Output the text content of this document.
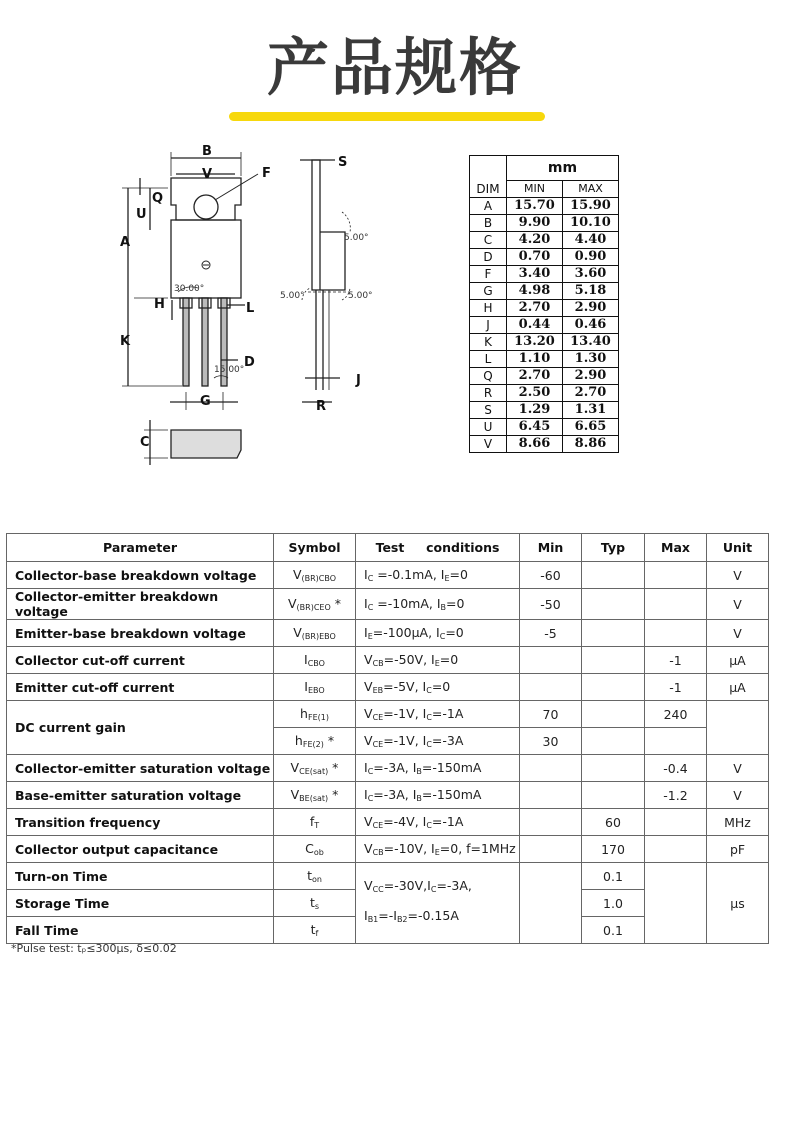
产品规格
B
V	F
Q
U
A
H	L
K
D
G
C
S
J
R
30.00°
15.00°
5.00°
5.00°	5.00°
	mm	
DIM	MIN	MAX
A	15.70	15.90
B	9.90	10.10
C	4.20	4.40
D	0.70	0.90
F	3.40	3.60
G	4.98	5.18
H	2.70	2.90
J	0.44	0.46
K	13.20	13.40
L	1.10	1.30
Q	2.70	2.90
R	2.50	2.70
S	1.29	1.31
U	6.45	6.65
V	8.66	8.86
Parameter	Symbol	Test     conditions	Min	Typ	Max	Unit
Collector-base breakdown voltage	$V_{(BR)CBO}$	$I_C =-0.1mA$, $I_E=0$	-60			V
Collector-emitter breakdown voltage	$V_{(BR)CEO}$ *	$I_C =-10mA$, $I_B=0$	-50			V
Emitter-base breakdown voltage	$V_{(BR)EBO}$	$I_E=-100\mu A$, $I_C=0$	-5			V
Collector cut-off current	$I_{CBO}$	$V_{CB}=-50V$, $I_E=0$			-1	μA
Emitter cut-off current	$I_{EBO}$	$V_{EB}=-5V$, $I_C=0$			-1	μA
DC current gain	$h_{FE(1)}$	$V_{CE}=-1V$, $I_C=-1A$	70		240	
	$h_{FE(2)}$ *	$V_{CE}=-1V$, $I_C=-3A$	30			
Collector-emitter saturation voltage	$V_{CE(sat)}$ *	$I_C=-3A$, $I_B=-150mA$			-0.4	V
Base-emitter saturation voltage	$V_{BE(sat)}$ *	$I_C=-3A$, $I_B=-150mA$			-1.2	V
Transition frequency	$f_T$	$V_{CE}=-4V$, $I_C=-1A$		60		MHz
Collector output capacitance	$C_{ob}$	$V_{CB}=-10V$, $I_E=0$, f=1MHz		170		pF
Turn-on Time	$t_{on}$	$V_{CC}=-30V,I_C=-3A$,
$I_{B1}=-I_{B2}=-0.15A$		0.1		μs
Storage Time	$t_s$			1.0		
Fall Time	$t_f$			0.1		
*Pulse test: tₚ≤300μs, δ≤0.02
